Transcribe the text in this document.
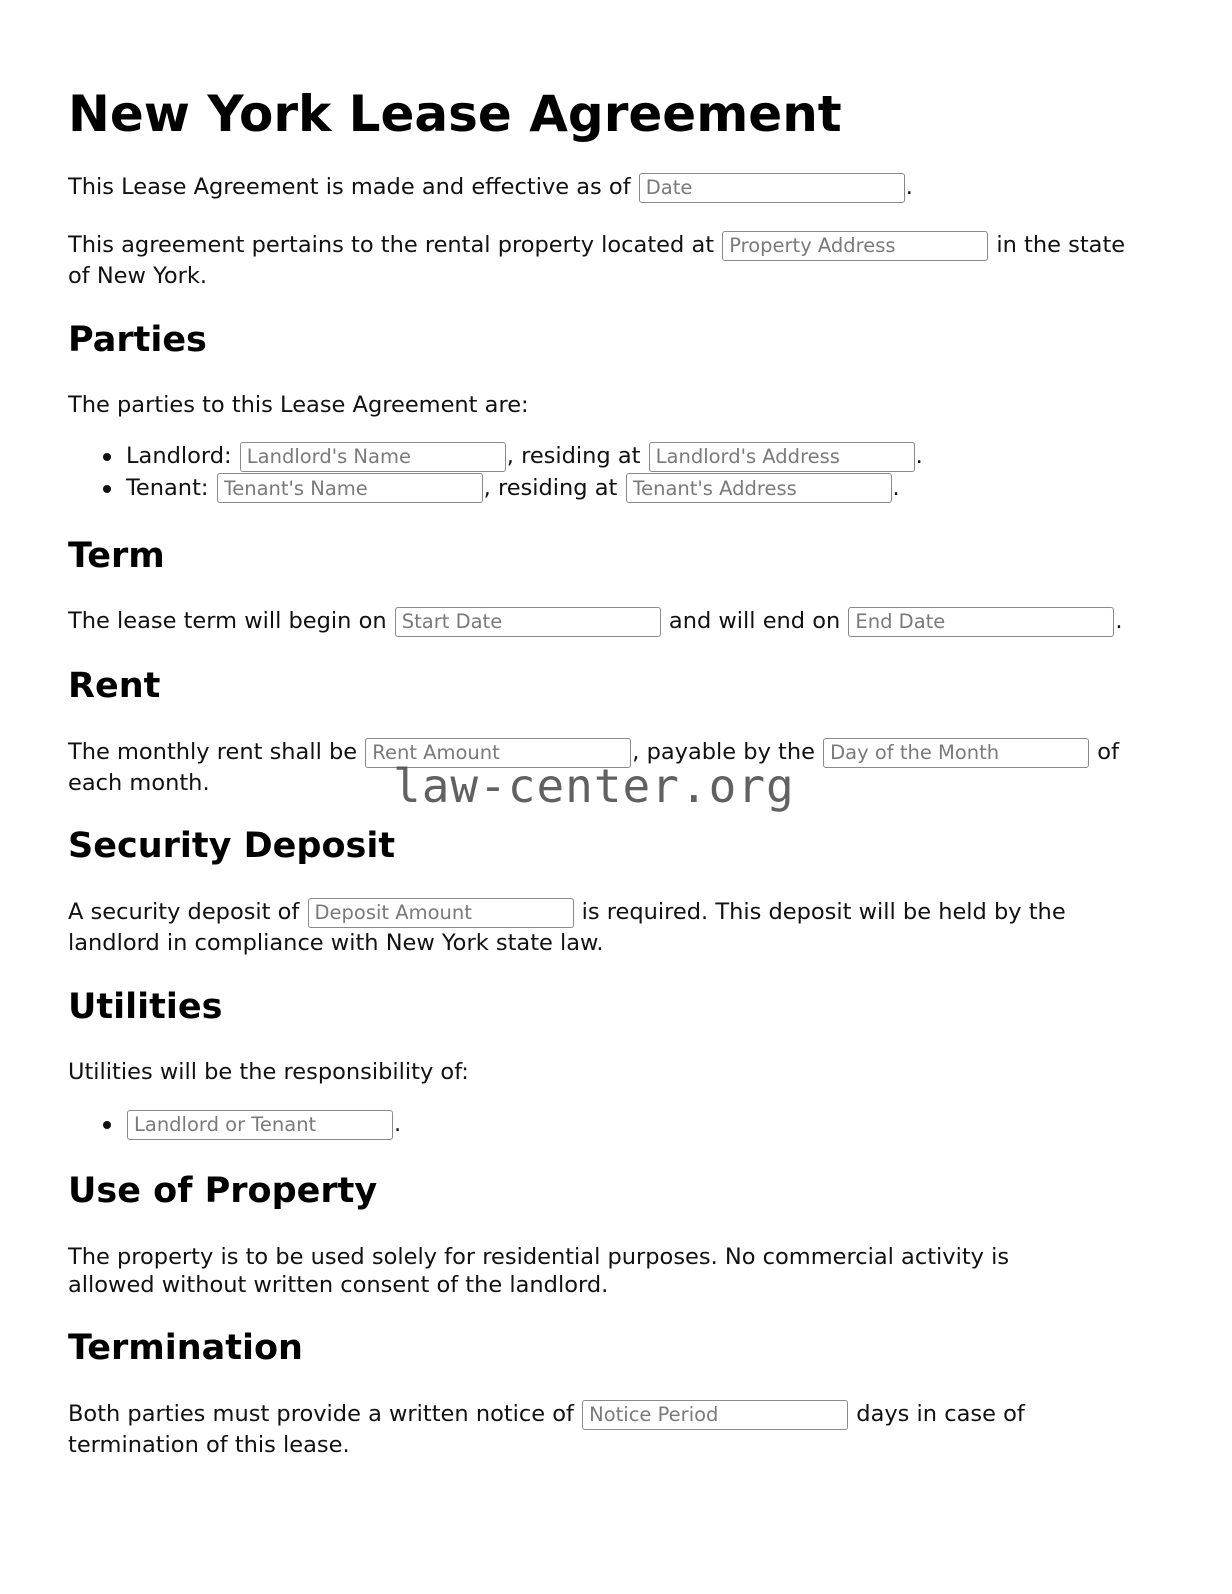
New York Lease Agreement

This Lease Agreement is made and effective as of Date	.

This agreement pertains to the rental property located at Property Address	in the state of New York.

Parties

The parties to this Lease Agreement are:

Landlord: Landlord's Name	, residing at Landlord's Address	.
Tenant: Tenant's Name	, residing at Tenant's Address	.
Term

The lease term will begin on Start Date	and will end on End Date	.

Rent

The monthly rent shall be Rent Amount	, payable by the Day of the Month	of each month.

Security Deposit

A security deposit of Deposit Amount	is required. This deposit will be held by the landlord in compliance with New York state law.

Utilities

Utilities will be the responsibility of:

Landlord or Tenant.
Use of Property

The property is to be used solely for residential purposes. No commercial activity is allowed without written consent of the landlord.

Termination

Both parties must provide a written notice of Notice Period	days in case of termination of this lease.

law-center.org
